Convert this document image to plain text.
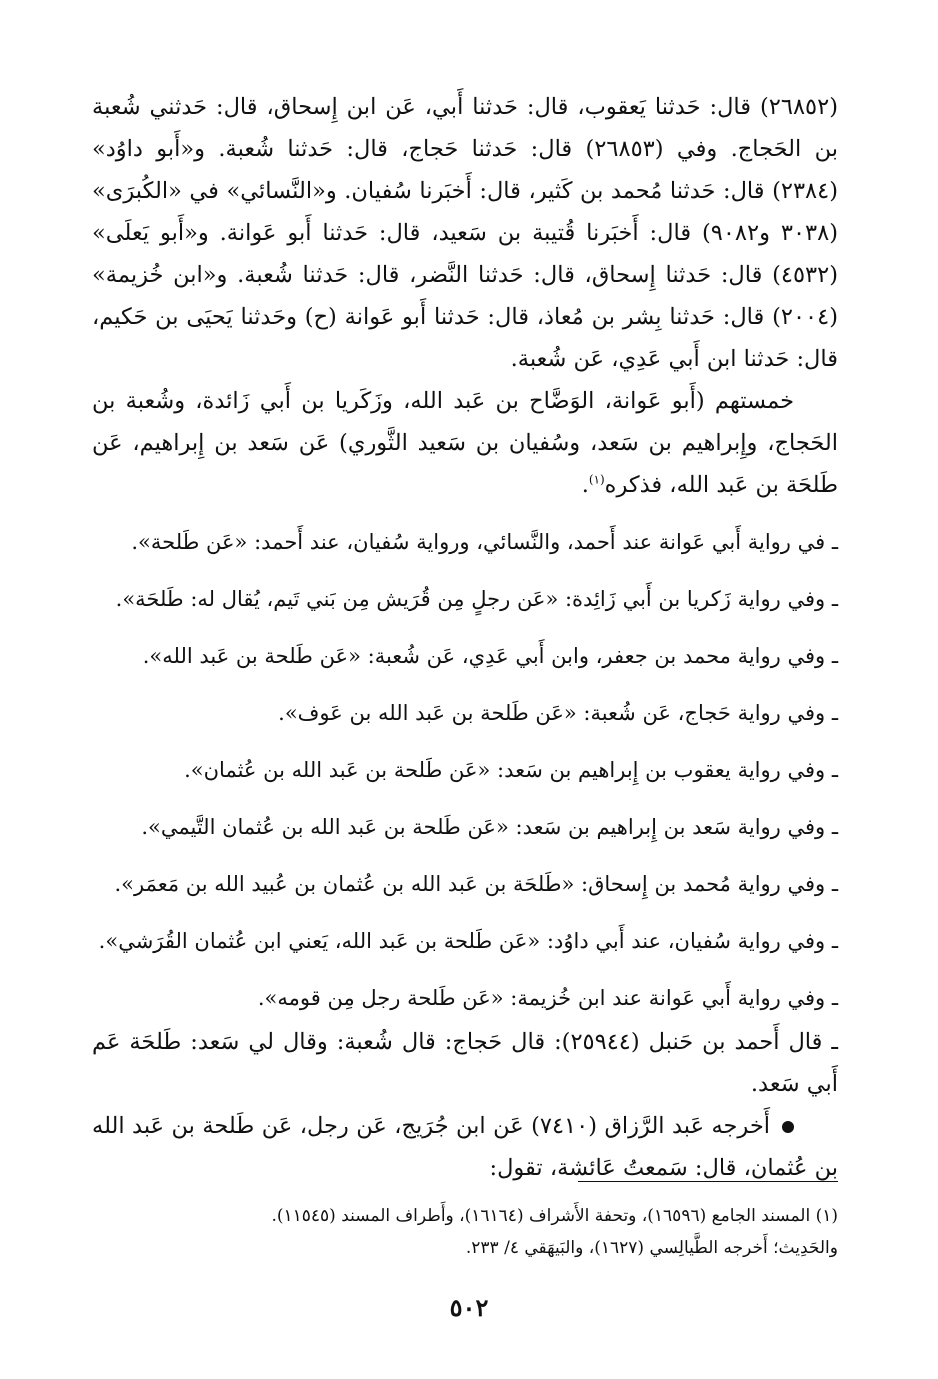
(٢٦٨٥٢) قال: حَدثنا يَعقوب، قال: حَدثنا أَبي، عَن ابن إِسحاق، قال: حَدثني شُعبة بن الحَجاج. وفي (٢٦٨٥٣) قال: حَدثنا حَجاج، قال: حَدثنا شُعبة. و«أَبو داوُد» (٢٣٨٤) قال: حَدثنا مُحمد بن كَثير، قال: أَخبَرنا سُفيان. و«النَّسائي» في «الكُبرَى» (٣٠٣٨ و٩٠٨٢) قال: أَخبَرنا قُتيبة بن سَعيد، قال: حَدثنا أَبو عَوانة. و«أَبو يَعلَى» (٤٥٣٢) قال: حَدثنا إِسحاق، قال: حَدثنا النَّضر، قال: حَدثنا شُعبة. و«ابن خُزيمة» (٢٠٠٤) قال: حَدثنا بِشر بن مُعاذ، قال: حَدثنا أَبو عَوانة (ح) وحَدثنا يَحيَى بن حَكيم، قال: حَدثنا ابن أَبي عَدِي، عَن شُعبة.

خمستهم (أَبو عَوانة، الوَضَّاح بن عَبد الله، وزَكَريا بن أَبي زَائدة، وشُعبة بن الحَجاج، وإِبراهيم بن سَعد، وسُفيان بن سَعيد الثَّوري) عَن سَعد بن إِبراهيم، عَن طَلحَة بن عَبد الله، فذكره$^{(١)}$.

ـ في رواية أَبي عَوانة عند أَحمد، والنَّسائي، ورواية سُفيان، عند أَحمد: «عَن طَلحة».
ـ وفي رواية زَكريا بن أَبي زَائِدة: «عَن رجلٍ مِن قُرَيش مِن بَني تَيم، يُقال له: طَلحَة».
ـ وفي رواية محمد بن جعفر، وابن أَبي عَدِي، عَن شُعبة: «عَن طَلحة بن عَبد الله».
ـ وفي رواية حَجاج، عَن شُعبة: «عَن طَلحة بن عَبد الله بن عَوف».
ـ وفي رواية يعقوب بن إِبراهيم بن سَعد: «عَن طَلحة بن عَبد الله بن عُثمان».
ـ وفي رواية سَعد بن إِبراهيم بن سَعد: «عَن طَلحة بن عَبد الله بن عُثمان التَّيمي».
ـ وفي رواية مُحمد بن إِسحاق: «طَلحَة بن عَبد الله بن عُثمان بن عُبيد الله بن مَعمَر».
ـ وفي رواية سُفيان، عند أَبي داوُد: «عَن طَلحة بن عَبد الله، يَعني ابن عُثمان القُرَشي».
ـ وفي رواية أَبي عَوانة عند ابن خُزيمة: «عَن طَلحة رجل مِن قومه».

ـ قال أَحمد بن حَنبل (٢٥٩٤٤): قال حَجاج: قال شُعبة: وقال لي سَعد: طَلحَة عَم أَبي سَعد.

أَخرجه عَبد الرَّزاق (٧٤١٠) عَن ابن جُرَيج، عَن رجل، عَن طَلحة بن عَبد الله بن عُثمان، قال: سَمعتُ عَائشة، تقول:

(١) المسند الجامع (١٦٥٩٦)، وتحفة الأَشراف (١٦١٦٤)، وأَطراف المسند (١١٥٤٥).

والحَدِيث؛ أَخرجه الطَّيالِسي (١٦٢٧)، والبَيهَقي ٤/ ٢٣٣.

٥٠٢
